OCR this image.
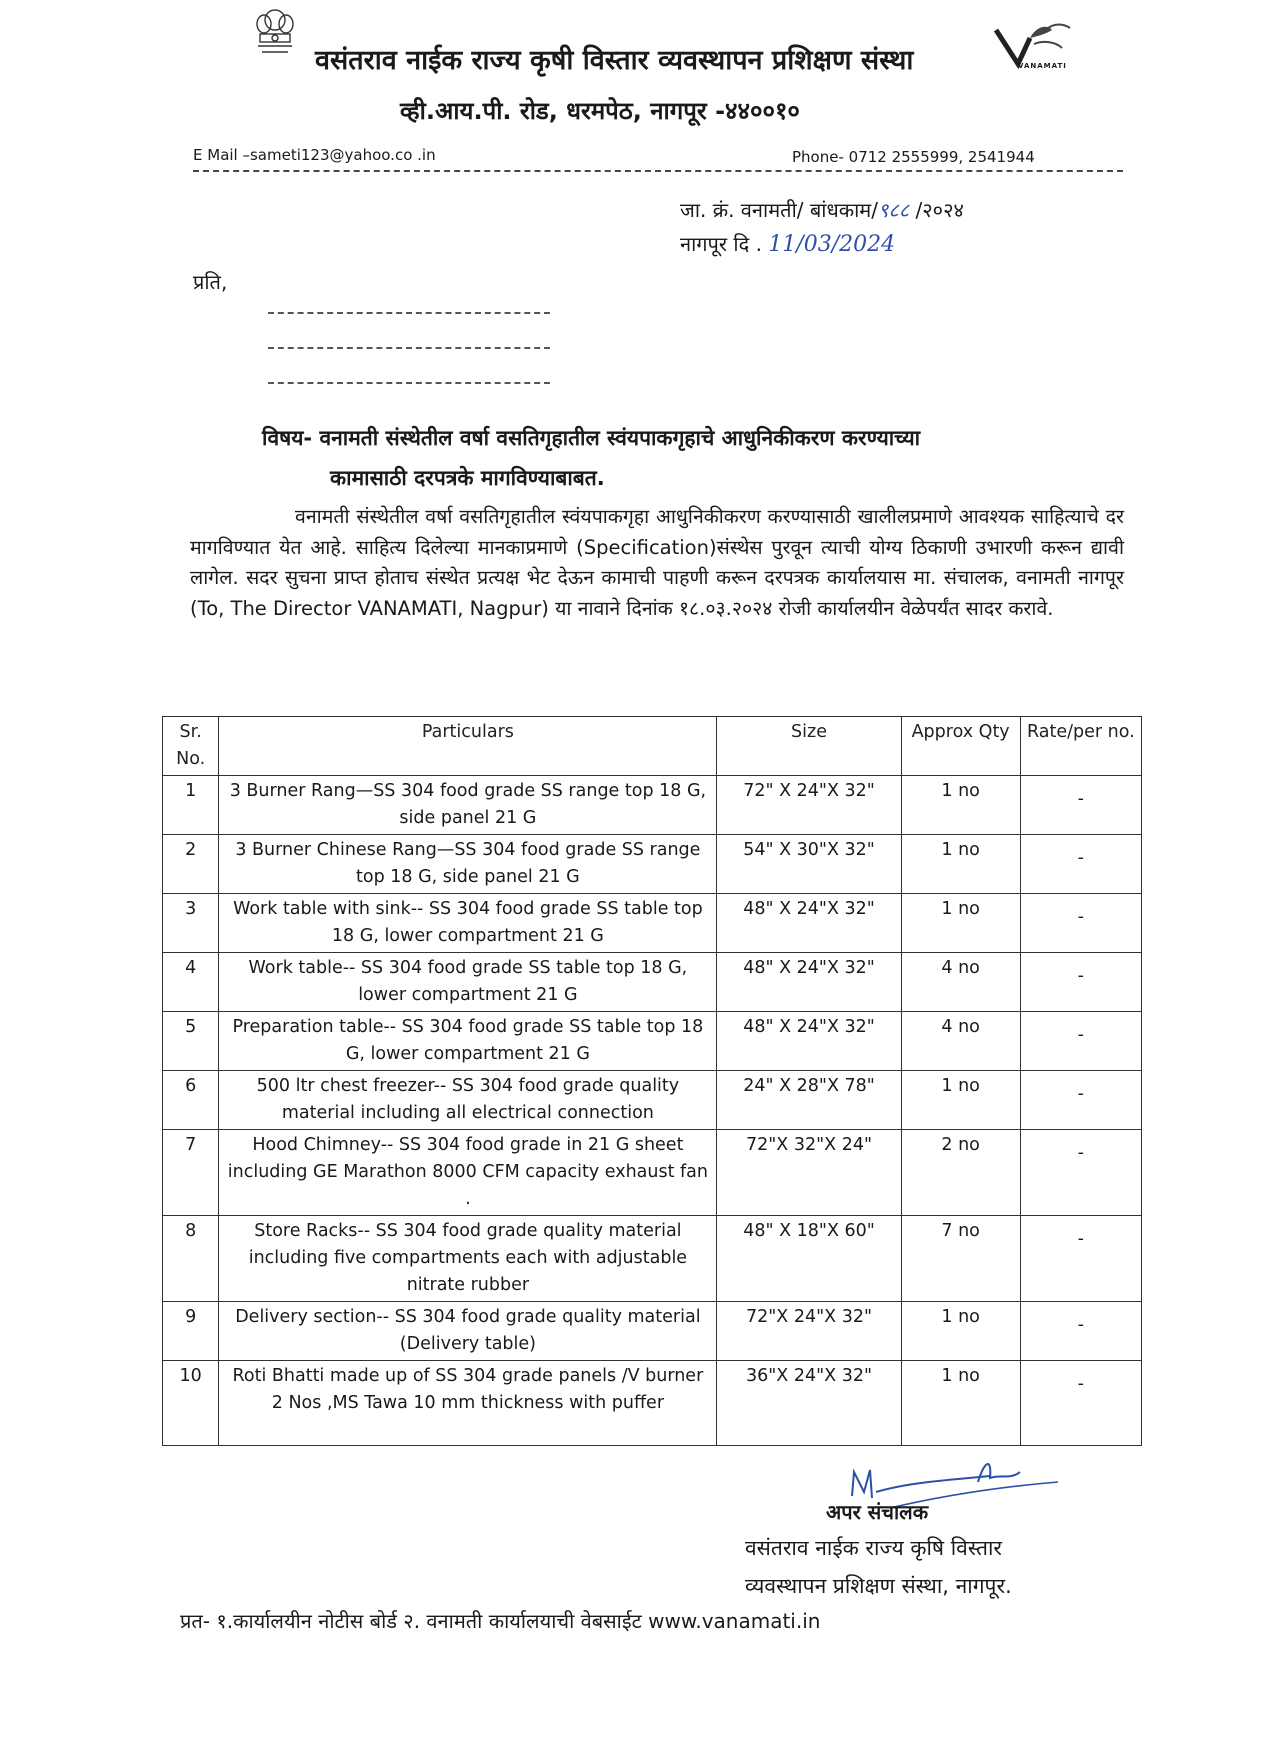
वसंतराव नाईक राज्य कृषी विस्तार व्यवस्थापन प्रशिक्षण संस्था	VANAMATI
व्ही.आय.पी. रोड, धरमपेठ, नागपूर -४४००१०
E Mail –sameti123@yahoo.co .in	Phone- 0712 2555999, 2541944
जा. क्रं. वनामती/ बांधकाम/९८८ /२०२४
नागपूर दि . 11/03/2024
प्रति,
विषय- वनामती संस्थेतील वर्षा वसतिगृहातील स्वंयपाकगृहाचे आधुनिकीकरण करण्याच्या
कामासाठी दरपत्रके मागविण्याबाबत.
वनामती संस्थेतील वर्षा वसतिगृहातील स्वंयपाकगृहा आधुनिकीकरण करण्यासाठी खालीलप्रमाणे आवश्यक साहित्याचे दर मागविण्यात येत आहे. साहित्य दिलेल्या मानकाप्रमाणे (Specification)संस्थेस पुरवून त्याची योग्य ठिकाणी उभारणी करून द्यावी लागेल. सदर सुचना प्राप्त होताच संस्थेत प्रत्यक्ष भेट देऊन कामाची पाहणी करून दरपत्रक कार्यालयास मा. संचालक, वनामती नागपूर (To, The Director VANAMATI, Nagpur) या नावाने दिनांक १८.०३.२०२४ रोजी कार्यालयीन वेळेपर्यंत सादर करावे.
Sr. No.	Particulars	Size	Approx Qty	Rate/per no.
1	3 Burner Rang—SS 304 food grade SS range top 18 G, side panel 21 G	72" X 24"X 32"	1 no	-
2	3 Burner Chinese Rang—SS 304 food grade SS range top 18 G, side panel 21 G	54" X 30"X 32"	1 no	-
3	Work table with sink-- SS 304 food grade SS table top 18 G, lower compartment 21 G	48" X 24"X 32"	1 no	-
4	Work table-- SS 304 food grade SS table top 18 G, lower compartment 21 G	48" X 24"X 32"	4 no	-
5	Preparation table-- SS 304 food grade SS table top 18 G, lower compartment 21 G	48" X 24"X 32"	4 no	-
6	500 ltr chest freezer-- SS 304 food grade quality material including all electrical connection	24" X 28"X 78"	1 no	-
7	Hood Chimney-- SS 304 food grade in 21 G sheet including GE Marathon 8000 CFM capacity exhaust fan .	72"X 32"X 24"	2 no	-
8	Store Racks-- SS 304 food grade quality material including five compartments each with adjustable nitrate rubber	48" X 18"X 60"	7 no	-
9	Delivery section-- SS 304 food grade quality material (Delivery table)	72"X 24"X 32"	1 no	-
10	Roti Bhatti made up of SS 304 grade panels /V burner 2 Nos ,MS Tawa 10 mm thickness with puffer	36"X 24"X 32"	1 no	-
अपर संचालक
वसंतराव नाईक राज्य कृषि विस्तार
व्यवस्थापन प्रशिक्षण संस्था, नागपूर.
प्रत- १.कार्यालयीन नोटीस बोर्ड २. वनामती कार्यालयाची वेबसाईट www.vanamati.in
